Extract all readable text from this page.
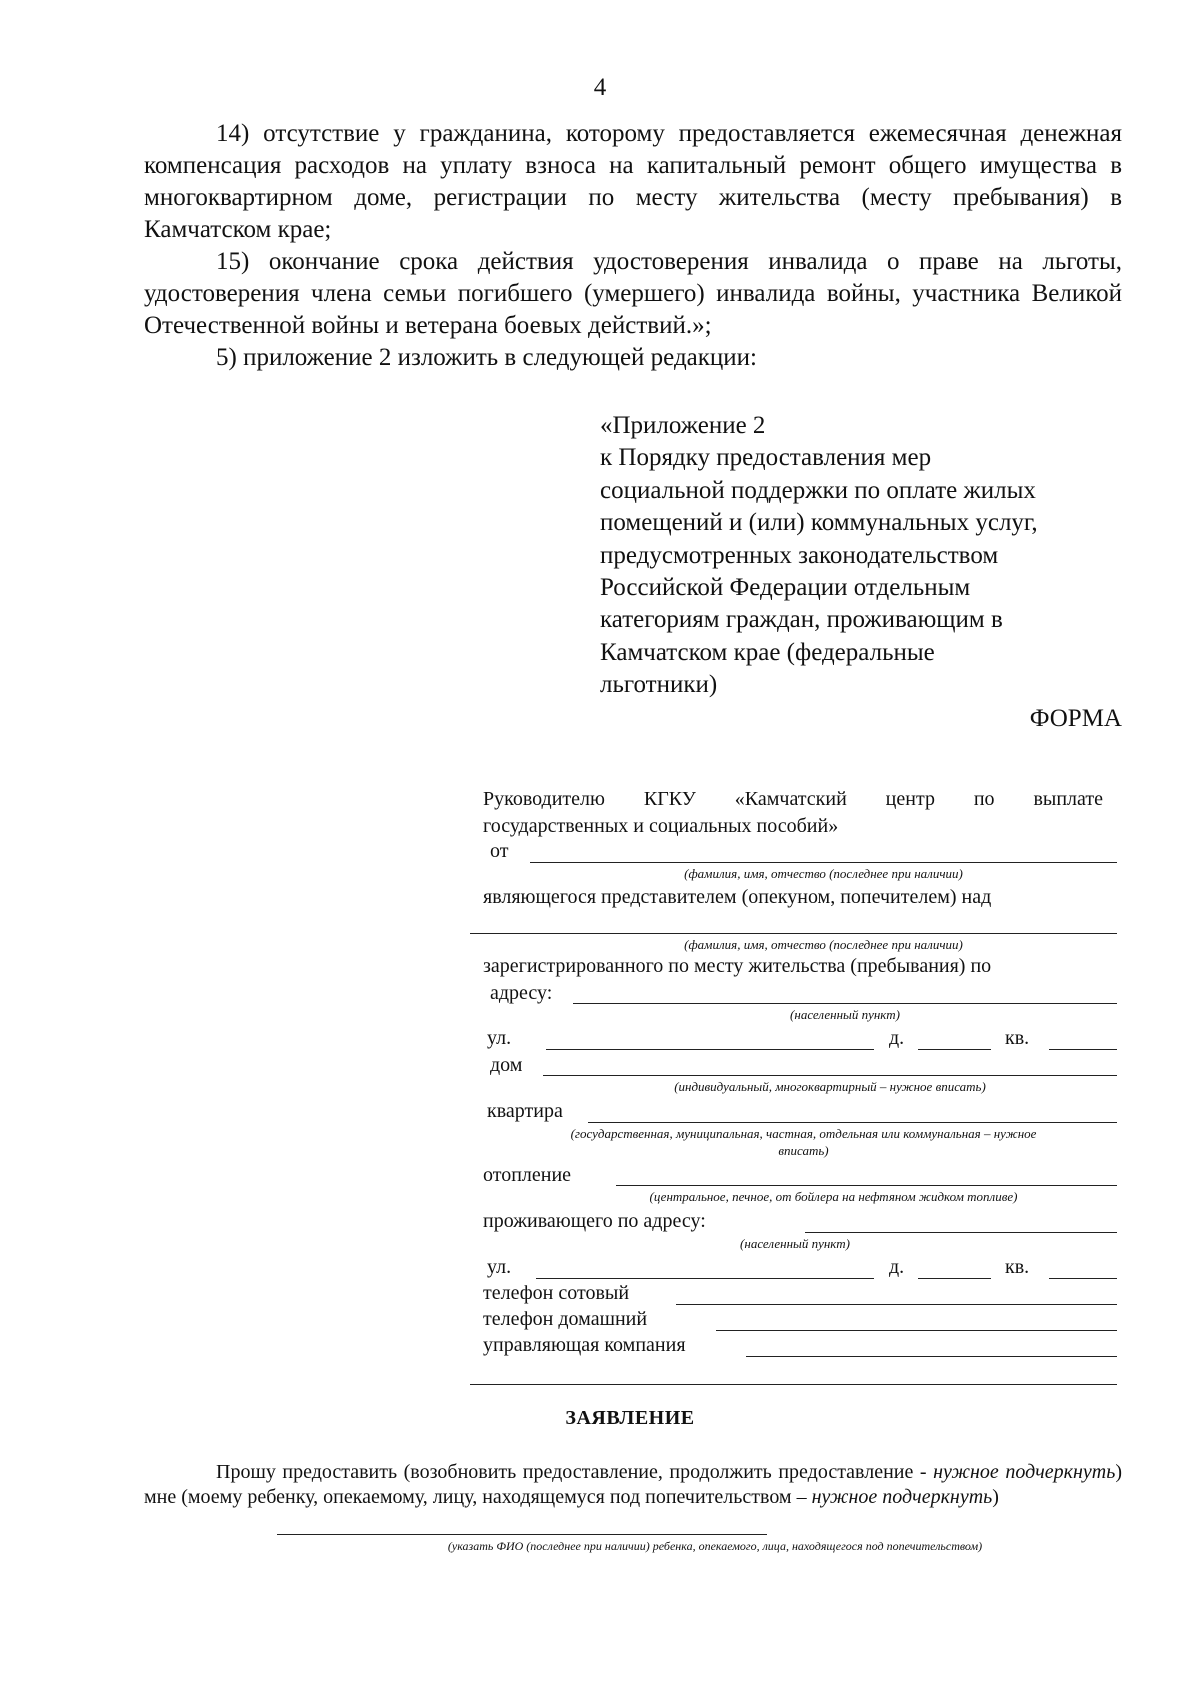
4

14) отсутствие у гражданина, которому предоставляется ежемесячная денежная компенсация расходов на уплату взноса на капитальный ремонт общего имущества в многоквартирном доме, регистрации по месту жительства (месту пребывания) в Камчатском крае;

15) окончание срока действия удостоверения инвалида о праве на льготы, удостоверения члена семьи погибшего (умершего) инвалида войны, участника Великой Отечественной войны и ветерана боевых действий.»;

5) приложение 2 изложить в следующей редакции:

«Приложение 2
к Порядку предоставления мер
социальной поддержки по оплате жилых
помещений и (или) коммунальных услуг,
предусмотренных законодательством
Российской Федерации отдельным
категориям граждан, проживающим в
Камчатском крае (федеральные
льготники)
ФОРМА
Руководителю КГКУ «Камчатский центр по выплате
государственных и социальных пособий»
от
(фамилия, имя, отчество (последнее при наличии)
являющегося представителем (опекуном, попечителем) над
(фамилия, имя, отчество (последнее при наличии)
зарегистрированного по месту жительства (пребывания) по
адресу:
(населенный пункт)
ул.	д.	кв.
дом
(индивидуальный, многоквартирный – нужное вписать)
квартира
(государственная, муниципальная, частная, отдельная или коммунальная – нужное
вписать)
отопление
(центральное, печное, от бойлера на нефтяном жидком топливе)
проживающего по адресу:
(населенный пункт)
ул.	д.	кв.
телефон сотовый
телефон домашний
управляющая компания
ЗАЯВЛЕНИЕ

Прошу предоставить (возобновить предоставление, продолжить предоставление - нужное подчеркнуть) мне (моему ребенку, опекаемому, лицу, находящемуся под попечительством – нужное подчеркнуть)

(указать ФИО (последнее при наличии) ребенка, опекаемого, лица, находящегося под попечительством)
